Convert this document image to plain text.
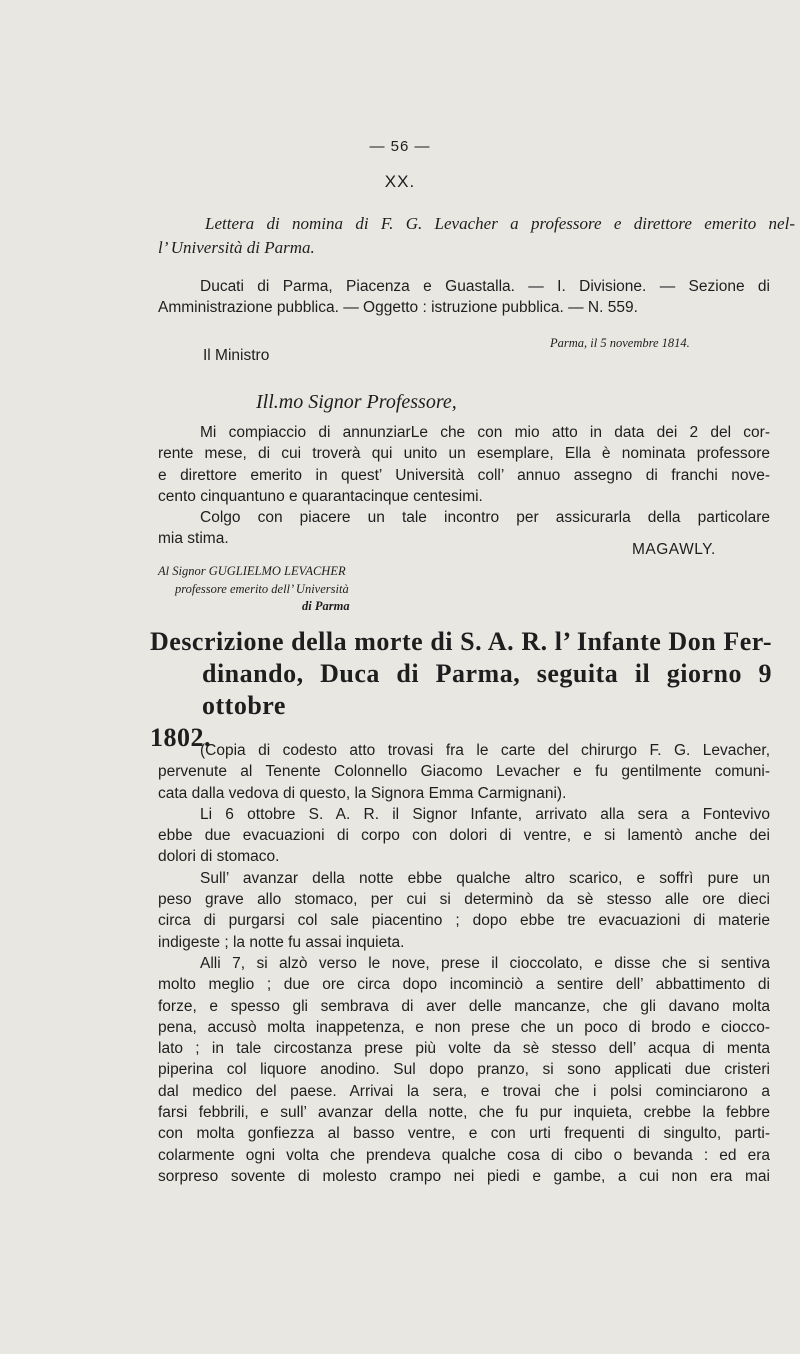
— 56 —
XX.
Lettera di nomina di F. G. Levacher a professore e direttore emerito nel-
l’ Università di Parma.
Ducati di Parma, Piacenza e Guastalla. — I. Divisione. — Sezione di
Amministrazione pubblica. — Oggetto : istruzione pubblica. — N. 559.
Parma, il 5 novembre 1814.
Il Ministro
Ill.mo Signor Professore,
Mi compiaccio di annunziarLe che con mio atto in data dei 2 del cor-
rente mese, di cui troverà qui unito un esemplare, Ella è nominata professore
e direttore emerito in quest’ Università coll’ annuo assegno di franchi nove-
cento cinquantuno e quarantacinque centesimi.
Colgo con piacere un tale incontro per assicurarla della particolare
mia stima.
MAGAWLY.
Al Signor GUGLIELMO LEVACHER
professore emerito dell’ Università
di Parma
Descrizione della morte di S. A. R. l’ Infante Don Fer-
dinando, Duca di Parma, seguita il giorno 9 ottobre
1802.
(Copia di codesto atto trovasi fra le carte del chirurgo F. G. Levacher,
pervenute al Tenente Colonnello Giacomo Levacher e fu gentilmente comuni-
cata dalla vedova di questo, la Signora Emma Carmignani).
Li 6 ottobre S. A. R. il Signor Infante, arrivato alla sera a Fontevivo
ebbe due evacuazioni di corpo con dolori di ventre, e si lamentò anche dei
dolori di stomaco.
Sull’ avanzar della notte ebbe qualche altro scarico, e soffrì pure un
peso grave allo stomaco, per cui si determinò da sè stesso alle ore dieci
circa di purgarsi col sale piacentino ; dopo ebbe tre evacuazioni di materie
indigeste ; la notte fu assai inquieta.
Alli 7, si alzò verso le nove, prese il cioccolato, e disse che si sentiva
molto meglio ; due ore circa dopo incominciò a sentire dell’ abbattimento di
forze, e spesso gli sembrava di aver delle mancanze, che gli davano molta
pena, accusò molta inappetenza, e non prese che un poco di brodo e ciocco-
lato ; in tale circostanza prese più volte da sè stesso dell’ acqua di menta
piperina col liquore anodino. Sul dopo pranzo, si sono applicati due cristeri
dal medico del paese. Arrivai la sera, e trovai che i polsi cominciarono a
farsi febbrili, e sull’ avanzar della notte, che fu pur inquieta, crebbe la febbre
con molta gonfiezza al basso ventre, e con urti frequenti di singulto, parti-
colarmente ogni volta che prendeva qualche cosa di cibo o bevanda : ed era
sorpreso sovente di molesto crampo nei piedi e gambe, a cui non era mai
